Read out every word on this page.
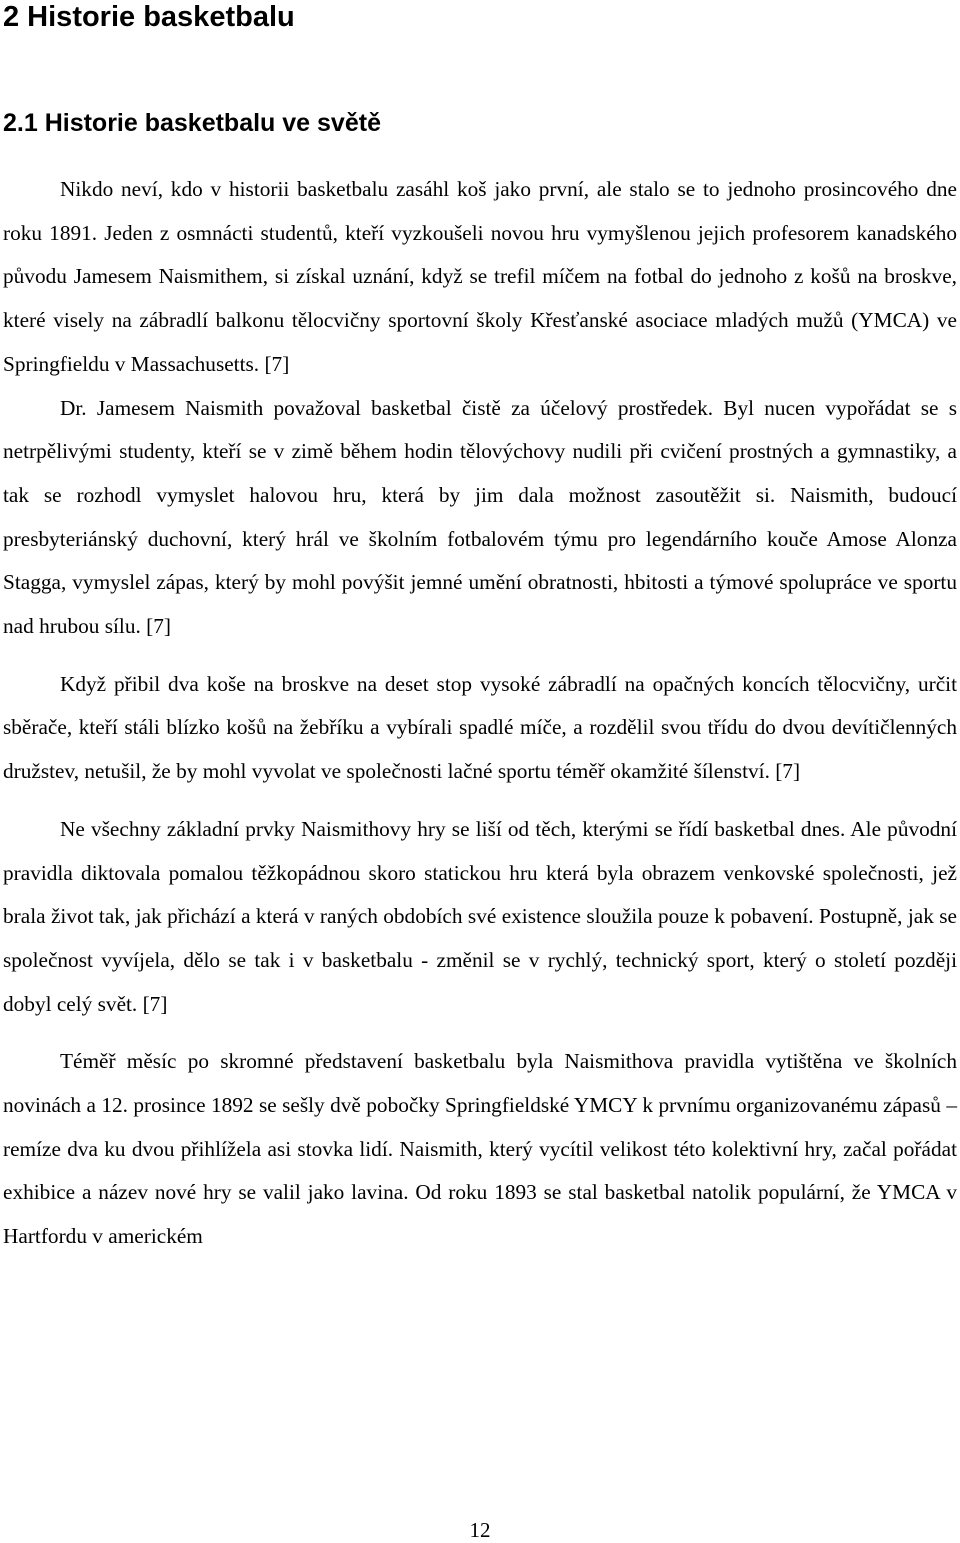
2 Historie basketbalu
2.1 Historie basketbalu ve světě

Nikdo neví, kdo v historii basketbalu zasáhl koš jako první, ale stalo se to jednoho prosincového dne roku 1891. Jeden z osmnácti studentů, kteří vyzkoušeli novou hru vymyšlenou jejich profesorem kanadského původu Jamesem Naismithem, si získal uznání, když se trefil míčem na fotbal do jednoho z košů na broskve, které visely na zábradlí balkonu tělocvičny sportovní školy Křesťanské asociace mladých mužů (YMCA) ve Springfieldu v Massachusetts. [7]

Dr. Jamesem Naismith považoval basketbal čistě za účelový prostředek. Byl nucen vypořádat se s netrpělivými studenty, kteří se v zimě během hodin tělovýchovy nudili při cvičení prostných a gymnastiky, a tak se rozhodl vymyslet halovou hru, která by jim dala možnost zasoutěžit si. Naismith, budoucí presbyteriánský duchovní, který hrál ve školním fotbalovém týmu pro legendárního kouče Amose Alonza Stagga, vymyslel zápas, který by mohl povýšit jemné umění obratnosti, hbitosti a týmové spolupráce ve sportu nad hrubou sílu. [7]

Když přibil dva koše na broskve na deset stop vysoké zábradlí na opačných koncích tělocvičny, určit sběrače, kteří stáli blízko košů na žebříku a vybírali spadlé míče, a rozdělil svou třídu do dvou devítičlenných družstev, netušil, že by mohl vyvolat ve společnosti lačné sportu téměř okamžité šílenství. [7]

Ne všechny základní prvky Naismithovy hry se liší od těch, kterými se řídí basketbal dnes. Ale původní pravidla diktovala pomalou těžkopádnou skoro statickou hru která byla obrazem venkovské společnosti, jež brala život tak, jak přichází a která v raných obdobích své existence sloužila pouze k pobavení. Postupně, jak se společnost vyvíjela, dělo se tak i v basketbalu - změnil se v rychlý, technický sport, který o století později dobyl celý svět. [7]

Téměř měsíc po skromné představení basketbalu byla Naismithova pravidla vytištěna ve školních novinách a 12. prosince 1892 se sešly dvě pobočky Springfieldské YMCY k prvnímu organizovanému zápasů – remíze dva ku dvou přihlížela asi stovka lidí. Naismith, který vycítil velikost této kolektivní hry, začal pořádat exhibice a název nové hry se valil jako lavina. Od roku 1893 se stal basketbal natolik populární, že YMCA v Hartfordu v americkém

12
